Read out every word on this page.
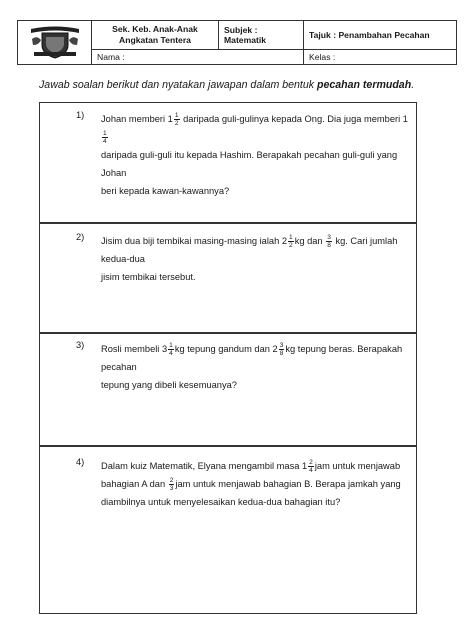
	Sek. Keb. Anak-Anak Angkatan Tentera	Subjek : Matematik	Tajuk : Penambahan Pecahan
	Nama :		Kelas :
Jawab soalan berikut dan nyatakan jawapan dalam bentuk pecahan termudah.
1) Johan memberi $1 \frac{1}{2}$ daripada guli-gulinya kepada Ong. Dia juga memberi 1
$\frac{1}{4}$
daripada guli-guli itu kepada Hashim. Berapakah pecahan guli-guli yang Johan
beri kepada kawan-kawannya?
2) Jisim dua biji tembikai masing-masing ialah $2 \frac{1}{2}$ kg dan $\frac{3}{8}$ kg. Cari jumlah kedua-dua
jisim tembikai tersebut.
3) Rosli membeli $3 \frac{1}{4}$ kg tepung gandum dan $2 \frac{3}{8}$ kg tepung beras. Berapakah pecahan
tepung yang dibeli kesemuanya?
4) Dalam kuiz Matematik, Elyana mengambil masa $1 \frac{2}{4}$ jam untuk menjawab
bahagian A dan $\frac{2}{3}$ jam untuk menjawab bahagian B. Berapa jamkah yang
diambilnya untuk menyelesaikan kedua-dua bahagian itu?
